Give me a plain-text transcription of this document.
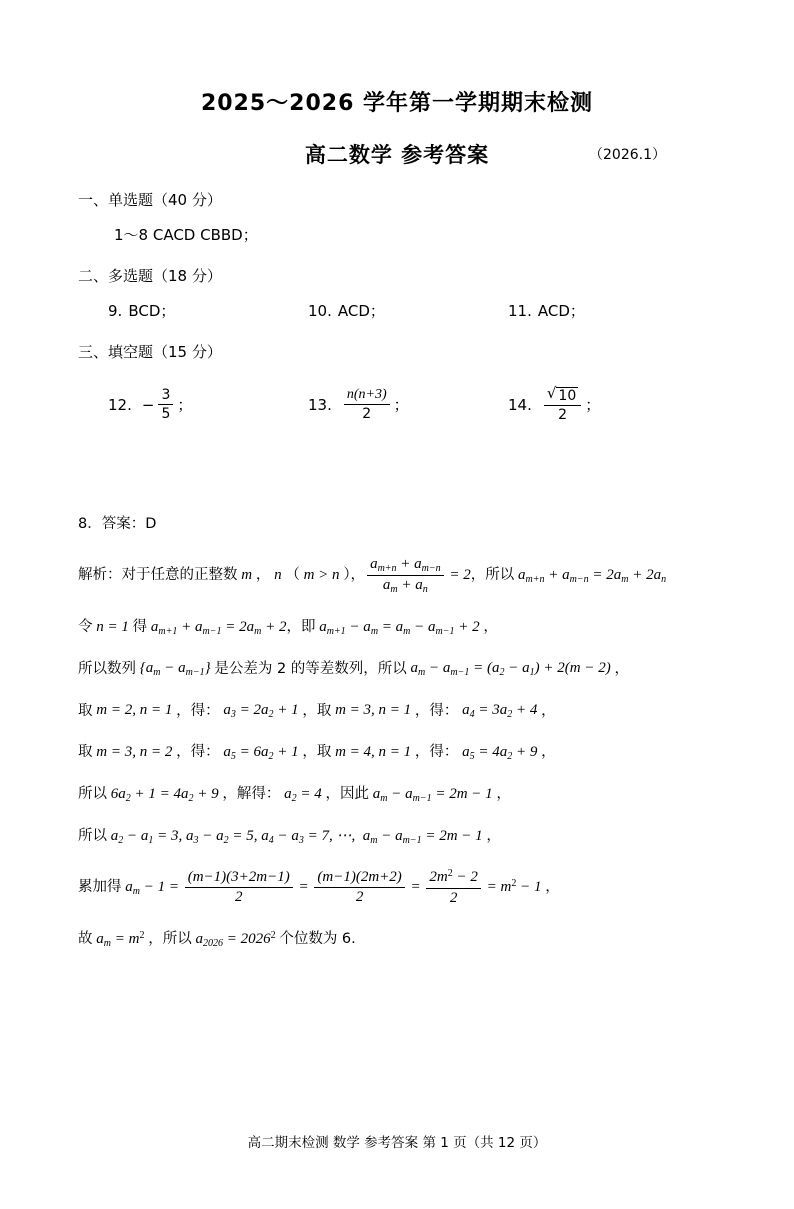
2025～2026 学年第一学期期末检测
高二数学 参考答案	（2026.1）
一、单选题（40 分）
1～8 CACD CBBD；
二、多选题（18 分）
9. BCD；	10. ACD；	11. ACD；
三、填空题（15 分）
12. − $\frac{3}{5}$ ；	13. $\frac{n(n+3)}{2}$ ；	14. $\frac{√ 10}{2}$ ；
8．答案：D
解析：对于任意的正整数 m ， n （ m > n ）， $\frac{a_{m+n} + a_{m-n}}{a_m + a_n} = 2$ ，所以 $a_{m+n} + a_{m-n} = 2a_m + 2a_n$
令 n = 1 得 $a_{m+1} + a_{m-1} = 2a_m + 2$ ，即 $a_{m+1} - a_m = a_m - a_{m-1} + 2$ ，
所以数列 $\{a_m - a_{m-1}\}$ 是公差为 2 的等差数列，所以 $a_m - a_{m-1} = (a_2 - a_1) + 2(m - 2)$ ，
取 m = 2, n = 1 ，得： $a_3 = 2a_2 + 1$ ，取 m = 3, n = 1 ，得： $a_4 = 3a_2 + 4$ ，
取 m = 3, n = 2 ，得： $a_5 = 6a_2 + 1$ ，取 m = 4, n = 1 ，得： $a_5 = 4a_2 + 9$ ，
所以 $6a_2 + 1 = 4a_2 + 9$ ，解得： $a_2 = 4$ ，因此 $a_m - a_{m-1} = 2m - 1$ ，
所以 $a_2 - a_1 = 3$, $a_3 - a_2 = 5$, $a_4 - a_3 = 7$, ⋯,  $a_m - a_{m-1} = 2m - 1$ ，
累加得 $a_m - 1 = \frac{(m-1)(3+2m-1)}{2} = \frac{(m-1)(2m+2)}{2} = \frac{2m^2 - 2}{2} = m^2 - 1$ ，
故 $a_m = m^2$ ，所以 $a_{2026} = 2026^2$ 个位数为 6.
高二期末检测 数学 参考答案 第 1 页（共 12 页）
